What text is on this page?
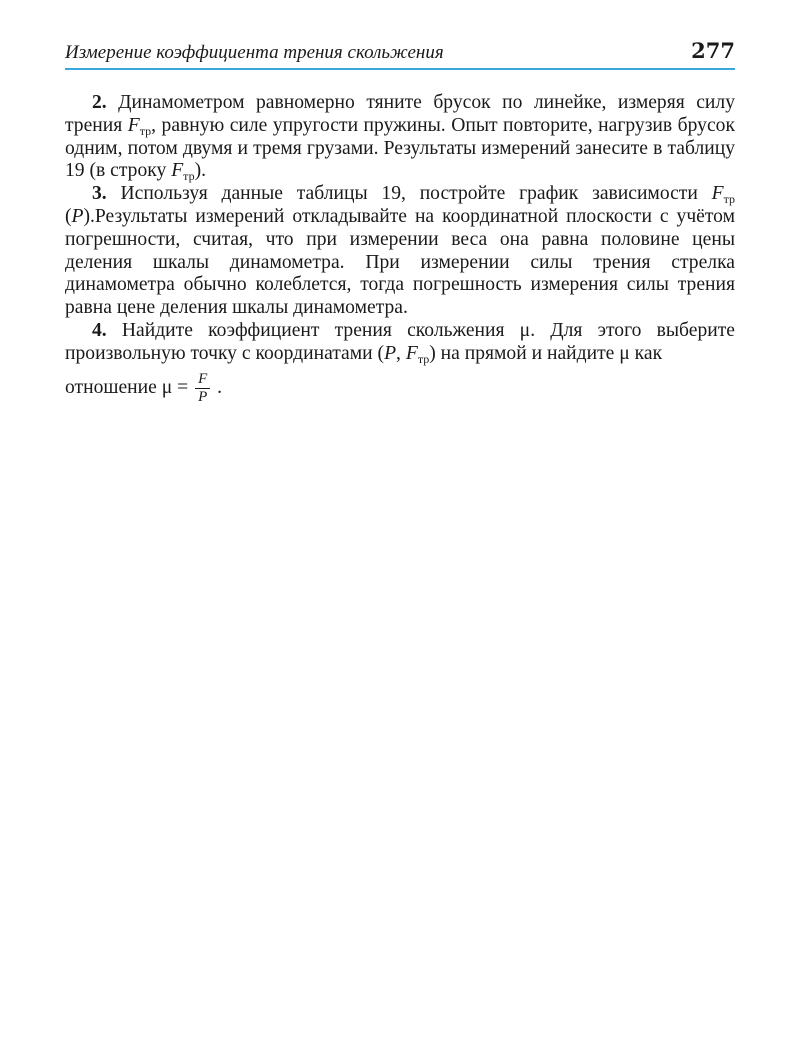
Измерение коэффициента трения скольжения	277

2. Динамометром равномерно тяните брусок по линейке, измеряя силу трения $F_{тр}$, равную силе упругости пружины. Опыт повторите, нагрузив брусок одним, потом двумя и тремя грузами. Результаты измерений занесите в таблицу 19 (в строку $F_{тр}$).

3. Используя данные таблицы 19, постройте график зависимости $F_{тр}$ (P).Результаты измерений откладывайте на координатной плоскости с учётом погрешности, считая, что при измерении веса она равна половине цены деления шкалы динамометра. При измерении силы трения стрелка динамометра обычно колеблется, тогда погрешность измерения силы трения равна цене деления шкалы динамометра.

4. Найдите коэффициент трения скольжения μ. Для этого выберите произвольную точку с координатами (P, $F_{тр}$) на прямой и найдите μ как
отношение $\mu = \frac{F}{P}$ .
